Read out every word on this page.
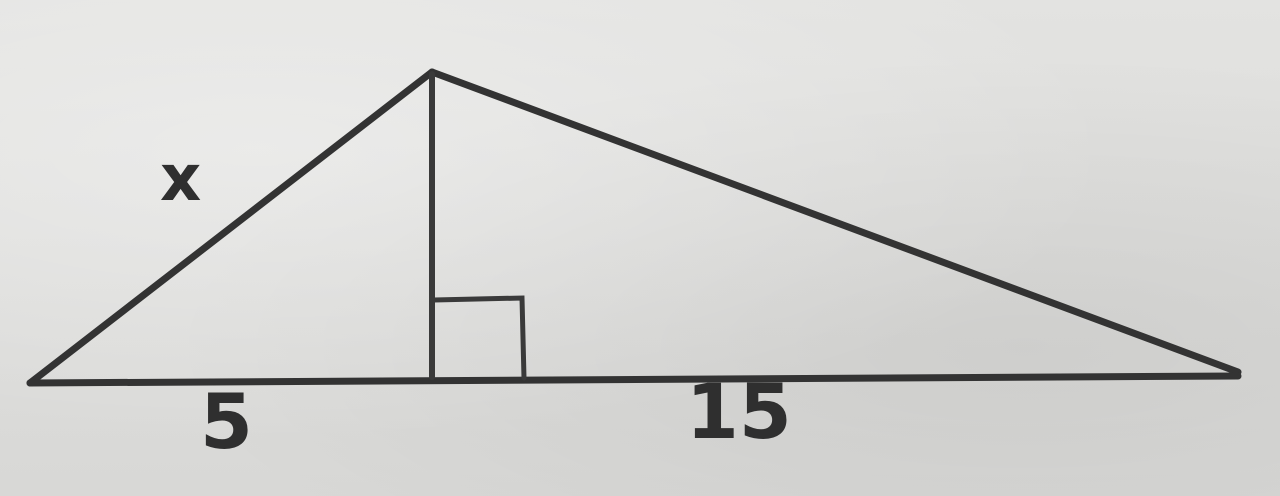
x
5	15
